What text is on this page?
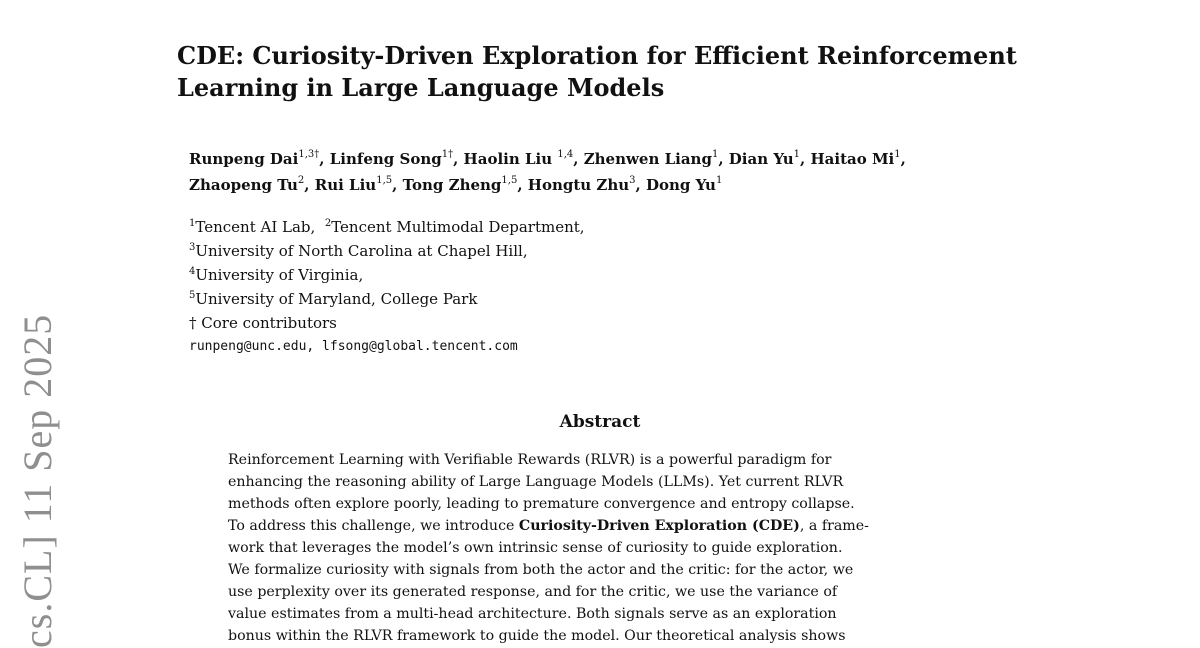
cs.CL] 11 Sep 2025
CDE: Curiosity-Driven Exploration for Efficient Reinforcement
Learning in Large Language Models
Runpeng Dai$^{1,3\dagger}$, Linfeng Song$^{1\dagger}$, Haolin Liu $^{1,4}$, Zhenwen Liang$^1$, Dian Yu$^1$, Haitao Mi$^1$,
Zhaopeng Tu$^2$, Rui Liu$^{1,5}$, Tong Zheng$^{1,5}$, Hongtu Zhu$^3$, Dong Yu$^1$
$^1$Tencent AI Lab, $^2$Tencent Multimodal Department,
$^3$University of North Carolina at Chapel Hill,
$^4$University of Virginia,
$^5$University of Maryland, College Park
† Core contributors
runpeng@unc.edu, lfsong@global.tencent.com
Abstract
Reinforcement Learning with Verifiable Rewards (RLVR) is a powerful paradigm for
enhancing the reasoning ability of Large Language Models (LLMs). Yet current RLVR
methods often explore poorly, leading to premature convergence and entropy collapse.
To address this challenge, we introduce Curiosity-Driven Exploration (CDE), a frame-
work that leverages the model’s own intrinsic sense of curiosity to guide exploration.
We formalize curiosity with signals from both the actor and the critic: for the actor, we
use perplexity over its generated response, and for the critic, we use the variance of
value estimates from a multi-head architecture. Both signals serve as an exploration
bonus within the RLVR framework to guide the model. Our theoretical analysis shows
